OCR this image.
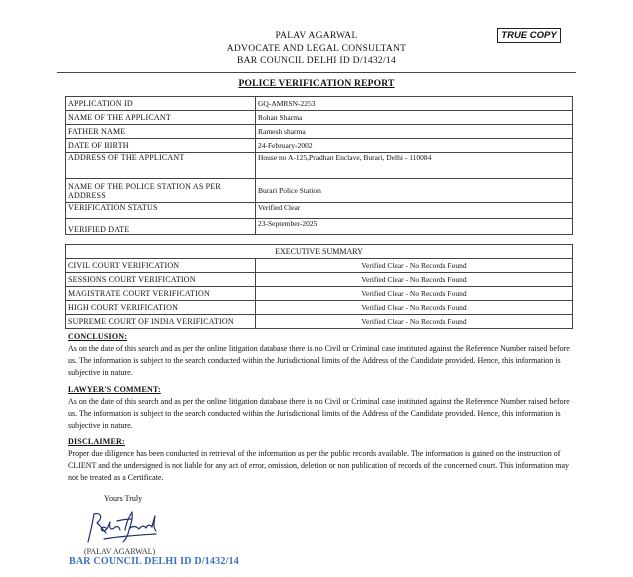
PALAV AGARWAL
ADVOCATE AND LEGAL CONSULTANT
BAR COUNCIL DELHI ID D/1432/14
TRUE COPY
POLICE VERIFICATION REPORT
APPLICATION ID	GQ-AMRSN-2253
NAME OF THE APPLICANT	Rohan Sharma
FATHER NAME	Ramesh sharma
DATE OF BIRTH	24-February-2002
ADDRESS OF THE APPLICANT	House no A-125,Pradhan Enclave, Burari, Delhi - 110084
NAME OF THE POLICE STATION AS PER ADDRESS	Burari Police Station
VERIFICATION STATUS	Verified Clear
VERIFIED DATE	23-September-2025
EXECUTIVE SUMMARY	
CIVIL COURT VERIFICATION	Verified Clear - No Records Found
SESSIONS COURT VERIFICATION	Verified Clear - No Records Found
MAGISTRATE COURT VERIFICATION	Verified Clear - No Records Found
HIGH COURT VERIFICATION	Verified Clear - No Records Found
SUPREME COURT OF INDIA VERIFICATION	Verified Clear - No Records Found
CONCLUSION:
As on the date of this search and as per the online litigation database there is no Civil or Criminal case instituted against the Reference Number raised before us. The information is subject to the search conducted within the Jurisdictional limits of the Address of the Candidate provided. Hence, this information is subjective in nature.
LAWYER'S COMMENT:
As on the date of this search and as per the online litigation database there is no Civil or Criminal case instituted against the Reference Number raised before us. The information is subject to the search conducted within the Jurisdictional limits of the Address of the Candidate provided. Hence, this information is subjective in nature.
DISCLAIMER:
Proper due diligence has been conducted in retrieval of the information as per the public records available. The information is gained on the instruction of CLIENT and the undersigned is not liable for any act of error, omission, deletion or non publication of records of the concerned court. This information may not be treated as a Certificate.
Yours Truly
(PALAV AGARWAL)
BAR COUNCIL DELHI ID D/1432/14
